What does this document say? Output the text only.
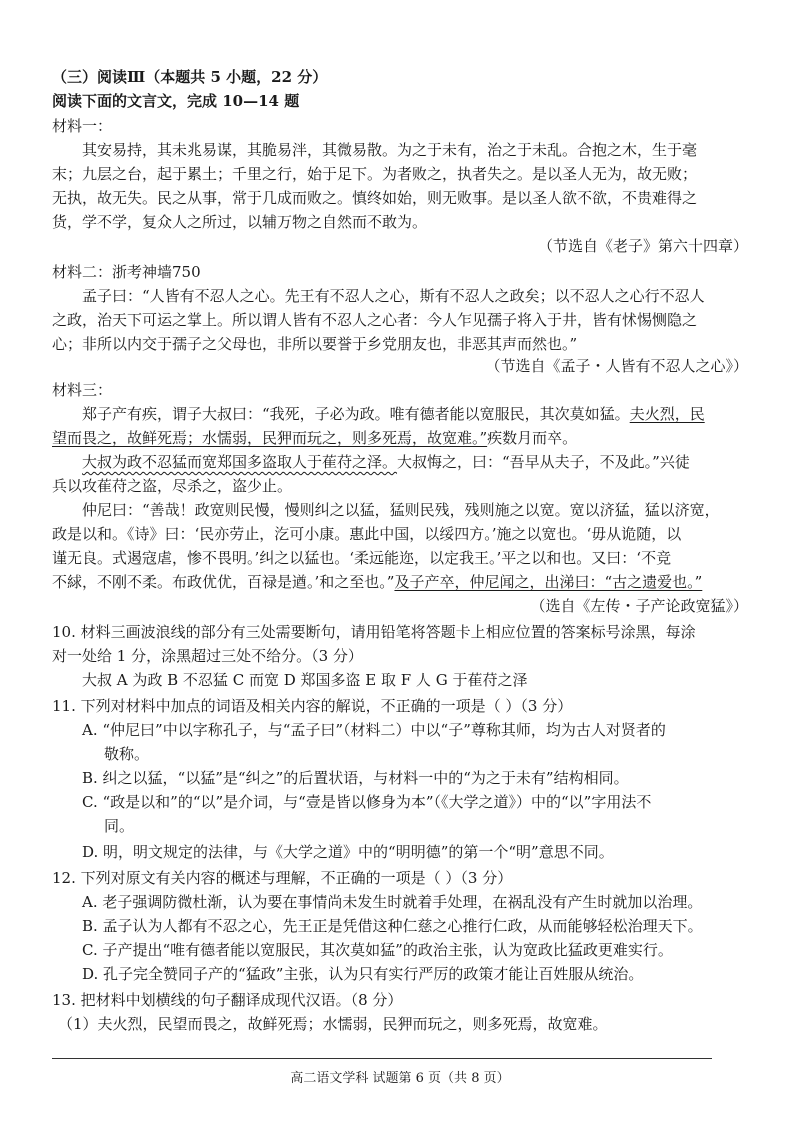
（三）阅读Ⅲ（本题共 5 小题，22 分）
阅读下面的文言文，完成 10—14 题
材料一：
其安易持，其未兆易谋，其脆易泮，其微易散。为之于未有，治之于未乱。合抱之木，生于毫
末；九层之台，起于累土；千里之行，始于足下。为者败之，执者失之。是以圣人无为，故无败；
无执，故无失。民之从事，常于几成而败之。慎终如始，则无败事。是以圣人欲不欲，不贵难得之
货，学不学，复众人之所过，以辅万物之自然而不敢为。
（节选自《老子》第六十四章）
材料二：浙考神墙750
孟子曰：“人皆有不忍人之心。先王有不忍人之心，斯有不忍人之政矣；以不忍人之心行不忍人
之政，治天下可运之掌上。所以谓人皆有不忍人之心者：今人乍见孺子将入于井，皆有怵惕恻隐之
心；非所以内交于孺子之父母也，非所以要誉于乡党朋友也，非恶其声而然也。”
（节选自《孟子・人皆有不忍人之心》）
材料三：
郑子产有疾，谓子大叔曰：“我死，子必为政。唯有德者能以宽服民，其次莫如猛。夫火烈，民
望而畏之，故鲜死焉；水懦弱，民狎而玩之，则多死焉，故宽难。”疾数月而卒。
大叔为政不忍猛而宽郑国多盗取人于萑苻之泽。大叔悔之，曰：“吾早从夫子，不及此。”兴徒
兵以攻萑苻之盗，尽杀之，盗少止。
仲尼曰：“善哉！政宽则民慢，慢则纠之以猛，猛则民残，残则施之以宽。宽以济猛，猛以济宽，
政是以和。《诗》曰：‘民亦劳止，汔可小康。惠此中国，以绥四方。’施之以宽也。‘毋从诡随，以
谨无良。式遏寇虐，惨不畏明。’纠之以猛也。‘柔远能迩，以定我王。’平之以和也。又曰：‘不竞
不絿，不刚不柔。布政优优，百禄是遒。’和之至也。”及子产卒，仲尼闻之，出涕曰：“古之遗爱也。”
（选自《左传・子产论政宽猛》）
10. 材料三画波浪线的部分有三处需要断句，请用铅笔将答题卡上相应位置的答案标号涂黑，每涂
对一处给 1 分，涂黑超过三处不给分。（3 分）
大叔 A 为政 B 不忍猛 C 而宽 D 郑国多盗 E 取 F 人 G 于萑苻之泽
11. 下列对材料中加点的词语及相关内容的解说，不正确的一项是（ ）（3 分）
A. “仲尼曰”中以字称孔子，与“孟子曰”（材料二）中以“子”尊称其师，均为古人对贤者的
敬称。
B. 纠之以猛，“以猛”是“纠之”的后置状语，与材料一中的“为之于未有”结构相同。
C. “政是以和”的“以”是介词，与“壹是皆以修身为本”（《大学之道》）中的“以”字用法不
同。
D. 明，明文规定的法律，与《大学之道》中的“明明德”的第一个“明”意思不同。
12. 下列对原文有关内容的概述与理解，不正确的一项是（ ）（3 分）
A. 老子强调防微杜渐，认为要在事情尚未发生时就着手处理，在祸乱没有产生时就加以治理。
B. 孟子认为人都有不忍之心，先王正是凭借这种仁慈之心推行仁政，从而能够轻松治理天下。
C. 子产提出“唯有德者能以宽服民，其次莫如猛”的政治主张，认为宽政比猛政更难实行。
D. 孔子完全赞同子产的“猛政”主张，认为只有实行严厉的政策才能让百姓服从统治。
13. 把材料中划横线的句子翻译成现代汉语。（8 分）
（1）夫火烈，民望而畏之，故鲜死焉；水懦弱，民狎而玩之，则多死焉，故宽难。
高二语文学科 试题第 6 页（共 8 页）
